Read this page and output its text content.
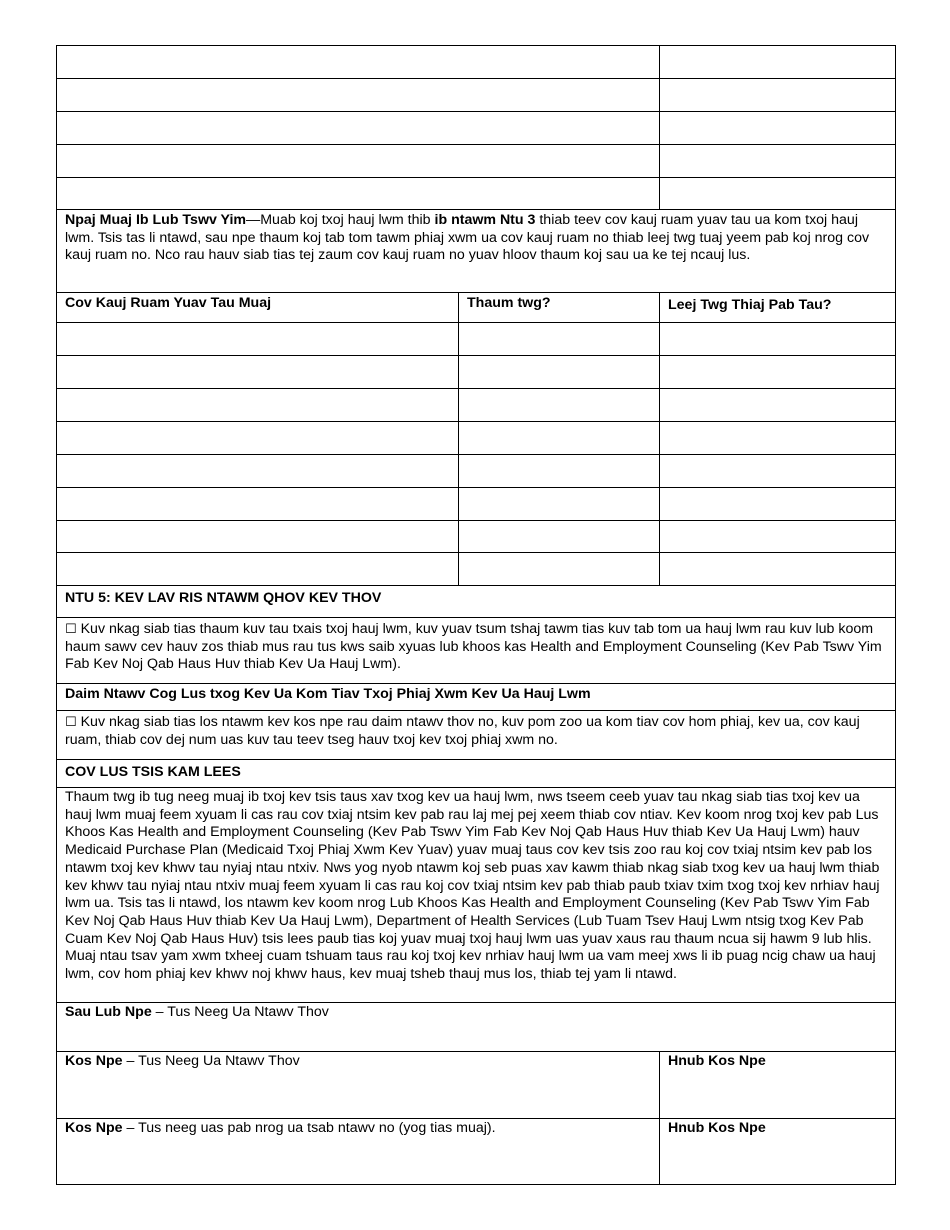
Npaj Muaj Ib Lub Tswv Yim—Muab koj txoj hauj lwm thib ib ntawm Ntu 3 thiab teev cov kauj ruam yuav tau ua kom txoj hauj lwm. Tsis tas li ntawd, sau npe thaum koj tab tom tawm phiaj xwm ua cov kauj ruam no thiab leej twg tuaj yeem pab koj nrog cov kauj ruam no. Nco rau hauv siab tias tej zaum cov kauj ruam no yuav hloov thaum koj sau ua ke tej ncauj lus.		

Cov Kauj Ruam Yuav Tau Muaj	Thaum twg?	Leej Twg Thiaj Pab Tau?

NTU 5: KEV LAV RIS NTAWM QHOV KEV THOV		

☐ Kuv nkag siab tias thaum kuv tau txais txoj hauj lwm, kuv yuav tsum tshaj tawm tias kuv tab tom ua hauj lwm rau kuv lub koom haum sawv cev hauv zos thiab mus rau tus kws saib xyuas lub khoos kas Health and Employment Counseling (Kev Pab Tswv Yim Fab Kev Noj Qab Haus Huv thiab Kev Ua Hauj Lwm).		

Daim Ntawv Cog Lus txog Kev Ua Kom Tiav Txoj Phiaj Xwm Kev Ua Hauj Lwm		

☐ Kuv nkag siab tias los ntawm kev kos npe rau daim ntawv thov no, kuv pom zoo ua kom tiav cov hom phiaj, kev ua, cov kauj ruam, thiab cov dej num uas kuv tau teev tseg hauv txoj kev txoj phiaj xwm no.		

COV LUS TSIS KAM LEES		

Thaum twg ib tug neeg muaj ib txoj kev tsis taus xav txog kev ua hauj lwm, nws tseem ceeb yuav tau nkag siab tias txoj kev ua hauj lwm muaj feem xyuam li cas rau cov txiaj ntsim kev pab rau laj mej pej xeem thiab cov ntiav. Kev koom nrog txoj kev pab Lus Khoos Kas Health and Employment Counseling (Kev Pab Tswv Yim Fab Kev Noj Qab Haus Huv thiab Kev Ua Hauj Lwm) hauv Medicaid Purchase Plan (Medicaid Txoj Phiaj Xwm Kev Yuav) yuav muaj taus cov kev tsis zoo rau koj cov txiaj ntsim kev pab los ntawm txoj kev khwv tau nyiaj ntau ntxiv. Nws yog nyob ntawm koj seb puas xav kawm thiab nkag siab txog kev ua hauj lwm thiab kev khwv tau nyiaj ntau ntxiv muaj feem xyuam li cas rau koj cov txiaj ntsim kev pab thiab paub txiav txim txog txoj kev nrhiav hauj lwm ua. Tsis tas li ntawd, los ntawm kev koom nrog Lub Khoos Kas Health and Employment Counseling (Kev Pab Tswv Yim Fab Kev Noj Qab Haus Huv thiab Kev Ua Hauj Lwm), Department of Health Services (Lub Tuam Tsev Hauj Lwm ntsig txog Kev Pab Cuam Kev Noj Qab Haus Huv) tsis lees paub tias koj yuav muaj txoj hauj lwm uas yuav xaus rau thaum ncua sij hawm 9 lub hlis. Muaj ntau tsav yam xwm txheej cuam tshuam taus rau koj txoj kev nrhiav hauj lwm ua vam meej xws li ib puag ncig chaw ua hauj lwm, cov hom phiaj kev khwv noj khwv haus, kev muaj tsheb thauj mus los, thiab tej yam li ntawd.		

Sau Lub Npe – Tus Neeg Ua Ntawv Thov		

Kos Npe – Tus Neeg Ua Ntawv Thov		Hnub Kos Npe

Kos Npe – Tus neeg uas pab nrog ua tsab ntawv no (yog tias muaj).		Hnub Kos Npe
